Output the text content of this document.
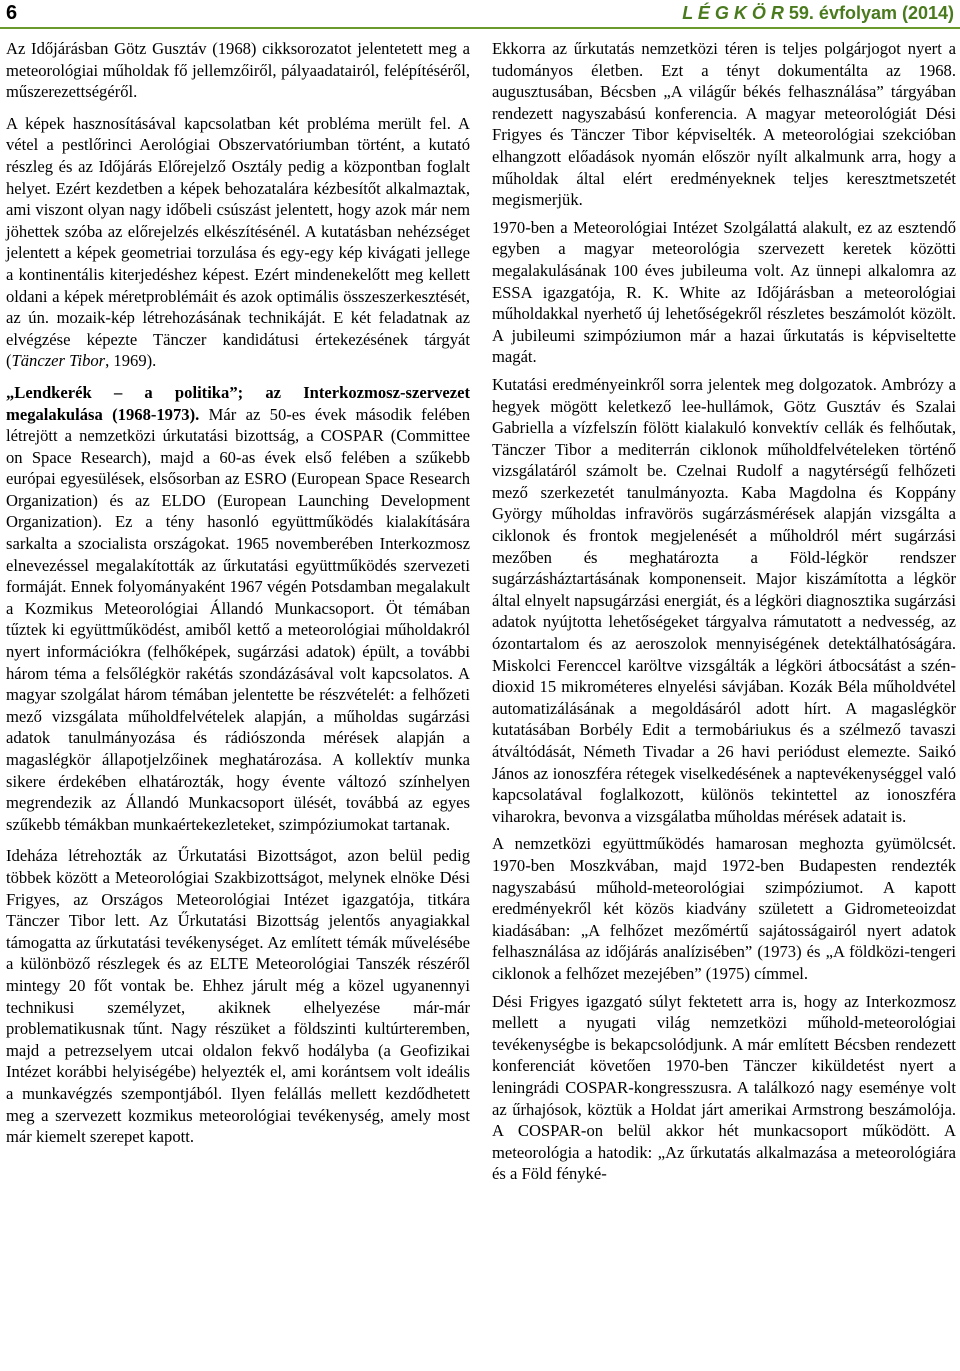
6	L É G K Ö R 59. évfolyam (2014)

Az Időjárásban Götz Gusztáv (1968) cikksorozatot jelentetett meg a meteorológiai műholdak fő jellemzőiről, pályaadatairól, felépítéséről, műszerezettségéről.

A képek hasznosításával kapcsolatban két probléma merült fel. A vétel a pestlőrinci Aerológiai Obszervatóriumban történt, a kutató részleg és az Időjárás Előrejelző Osztály pedig a központban foglalt helyet. Ezért kezdetben a képek behozatalára kézbesítőt alkalmaztak, ami viszont olyan nagy időbeli csúszást jelentett, hogy azok már nem jöhettek szóba az előrejelzés elkészítésénél. A kutatásban nehézséget jelentett a képek geometriai torzulása és egy-egy kép kivágati jellege a kontinentális kiterjedéshez képest. Ezért mindenekelőtt meg kellett oldani a képek méretproblémáit és azok optimális összeszerkesztését, az ún. mozaik-kép létrehozásának technikáját. E két feladatnak az elvégzése képezte Tänczer kandidátusi értekezésének tárgyát (Tänczer Tibor, 1969).

„Lendkerék – a politika”; az Interkozmosz-szervezet megalakulása (1968-1973). Már az 50-es évek második felében létrejött a nemzetközi úrkutatási bizottság, a COSPAR (Committee on Space Research), majd a 60-as évek első felében a szűkebb európai egyesülések, elsősorban az ESRO (European Space Research Organization) és az ELDO (European Launching Development Organization). Ez a tény hasonló együttműködés kialakítására sarkalta a szocialista országokat. 1965 novemberében Interkozmosz elnevezéssel megalakították az űrkutatási együttműködés szervezeti formáját. Ennek folyományaként 1967 végén Potsdamban megalakult a Kozmikus Meteorológiai Állandó Munkacsoport. Öt témában tűztek ki együttműködést, amiből kettő a meteorológiai műholdakról nyert információkra (felhőképek, sugárzási adatok) épült, a további három téma a felsőlégkör rakétás szondázásával volt kapcsolatos. A magyar szolgálat három témában jelentette be részvételét: a felhőzeti mező vizsgálata műholdfelvételek alapján, a műholdas sugárzási adatok tanulmányozása és rádiószonda mérések alapján a magaslégkör állapotjelzőinek meghatározása. A kollektív munka sikere érdekében elhatározták, hogy évente változó színhelyen megrendezik az Állandó Munkacsoport ülését, továbbá az egyes szűkebb témákban munkaértekezleteket, szimpóziumokat tartanak.

Ideháza létrehozták az Űrkutatási Bizottságot, azon belül pedig többek között a Meteorológiai Szakbizottságot, melynek elnöke Dési Frigyes, az Országos Meteorológiai Intézet igazgatója, titkára Tänczer Tibor lett. Az Űrkutatási Bizottság jelentős anyagiakkal támogatta az űrkutatási tevékenységet. Az említett témák művelésébe a különböző részlegek és az ELTE Meteorológiai Tanszék részéről mintegy 20 főt vontak be. Ehhez járult még a közel ugyanennyi technikusi személyzet, akiknek elhelyezése már-már problematikusnak tűnt. Nagy részüket a földszinti kultúrteremben, majd a petrezselyem utcai oldalon fekvő hodályba (a Geofizikai Intézet korábbi helyiségébe) helyezték el, ami korántsem volt ideális a munkavégzés szempontjából. Ilyen felállás mellett kezdődhetett meg a szervezett kozmikus meteorológiai tevékenység, amely most már kiemelt szerepet kapott.

Ekkorra az űrkutatás nemzetközi téren is teljes polgárjogot nyert a tudományos életben. Ezt a tényt dokumentálta az 1968. augusztusában, Bécsben „A világűr békés felhasználása” tárgyában rendezett nagyszabású konferencia. A magyar meteorológiát Dési Frigyes és Tänczer Tibor képviselték. A meteorológiai szekcióban elhangzott előadások nyomán először nyílt alkalmunk arra, hogy a műholdak által elért eredményeknek teljes keresztmetszetét megismerjük.

1970-ben a Meteorológiai Intézet Szolgálattá alakult, ez az esztendő egyben a magyar meteorológia szervezett keretek közötti megalakulásának 100 éves jubileuma volt. Az ünnepi alkalomra az ESSA igazgatója, R. K. White az Időjárásban a meteorológiai műholdakkal nyerhető új lehetőségekről részletes beszámolót közölt. A jubileumi szimpóziumon már a hazai űrkutatás is képviseltette magát.

Kutatási eredményeinkről sorra jelentek meg dolgozatok. Ambrózy a hegyek mögött keletkező lee-hullámok, Götz Gusztáv és Szalai Gabriella a vízfelszín fölött kialakuló konvektív cellák és felhőutak, Tänczer Tibor a mediterrán ciklonok műholdfelvételeken történő vizsgálatáról számolt be. Czelnai Rudolf a nagytérségű felhőzeti mező szerkezetét tanulmányozta. Kaba Magdolna és Koppány György műholdas infravörös sugárzásmérések alapján vizsgálta a ciklonok és frontok megjelenését a műholdról mért sugárzási mezőben és meghatározta a Föld-légkör rendszer sugárzásháztartásának komponenseit. Major kiszámította a légkör által elnyelt napsugárzási energiát, és a légköri diagnosztika sugárzási adatok nyújtotta lehetőségeket tárgyalva rámutatott a nedvesség, az ózontartalom és az aeroszolok mennyiségének detektálhatóságára. Miskolci Ferenccel karöltve vizsgálták a légköri átbocsátást a szén-dioxid 15 mikrométeres elnyelési sávjában. Kozák Béla műholdvétel automatizálásának a megoldásáról adott hírt. A magaslégkör kutatásában Borbély Edit a termobáriukus és a szélmező tavaszi átváltódását, Németh Tivadar a 26 havi periódust elemezte. Saikó János az ionoszféra rétegek viselkedésének a naptevékenységgel való kapcsolatával foglalkozott, különös tekintettel az ionoszféra viharokra, bevonva a vizsgálatba műholdas mérések adatait is.

A nemzetközi együttműködés hamarosan meghozta gyümölcsét. 1970-ben Moszkvában, majd 1972-ben Budapesten rendezték nagyszabású műhold-meteorológiai szimpóziumot. A kapott eredményekről két közös kiadvány született a Gidrometeoizdat kiadásában: „A felhőzet mezőmértű sajátosságairól nyert adatok felhasználása az időjárás analízisében” (1973) és „A földközi-tengeri ciklonok a felhőzet mezejében” (1975) címmel.

Dési Frigyes igazgató súlyt fektetett arra is, hogy az Interkozmosz mellett a nyugati világ nemzetközi műhold-meteorológiai tevékenységbe is bekapcsolódjunk. A már említett Bécsben rendezett konferenciát követően 1970-ben Tänczer kiküldetést nyert a leningrádi COSPAR-kongresszusra. A találkozó nagy eseménye volt az űrhajósok, köztük a Holdat járt amerikai Armstrong beszámolója. A COSPAR-on belül akkor hét munkacsoport működött. A meteorológia a hatodik: „Az űrkutatás alkalmazása a meteorológiára és a Föld fényké-
